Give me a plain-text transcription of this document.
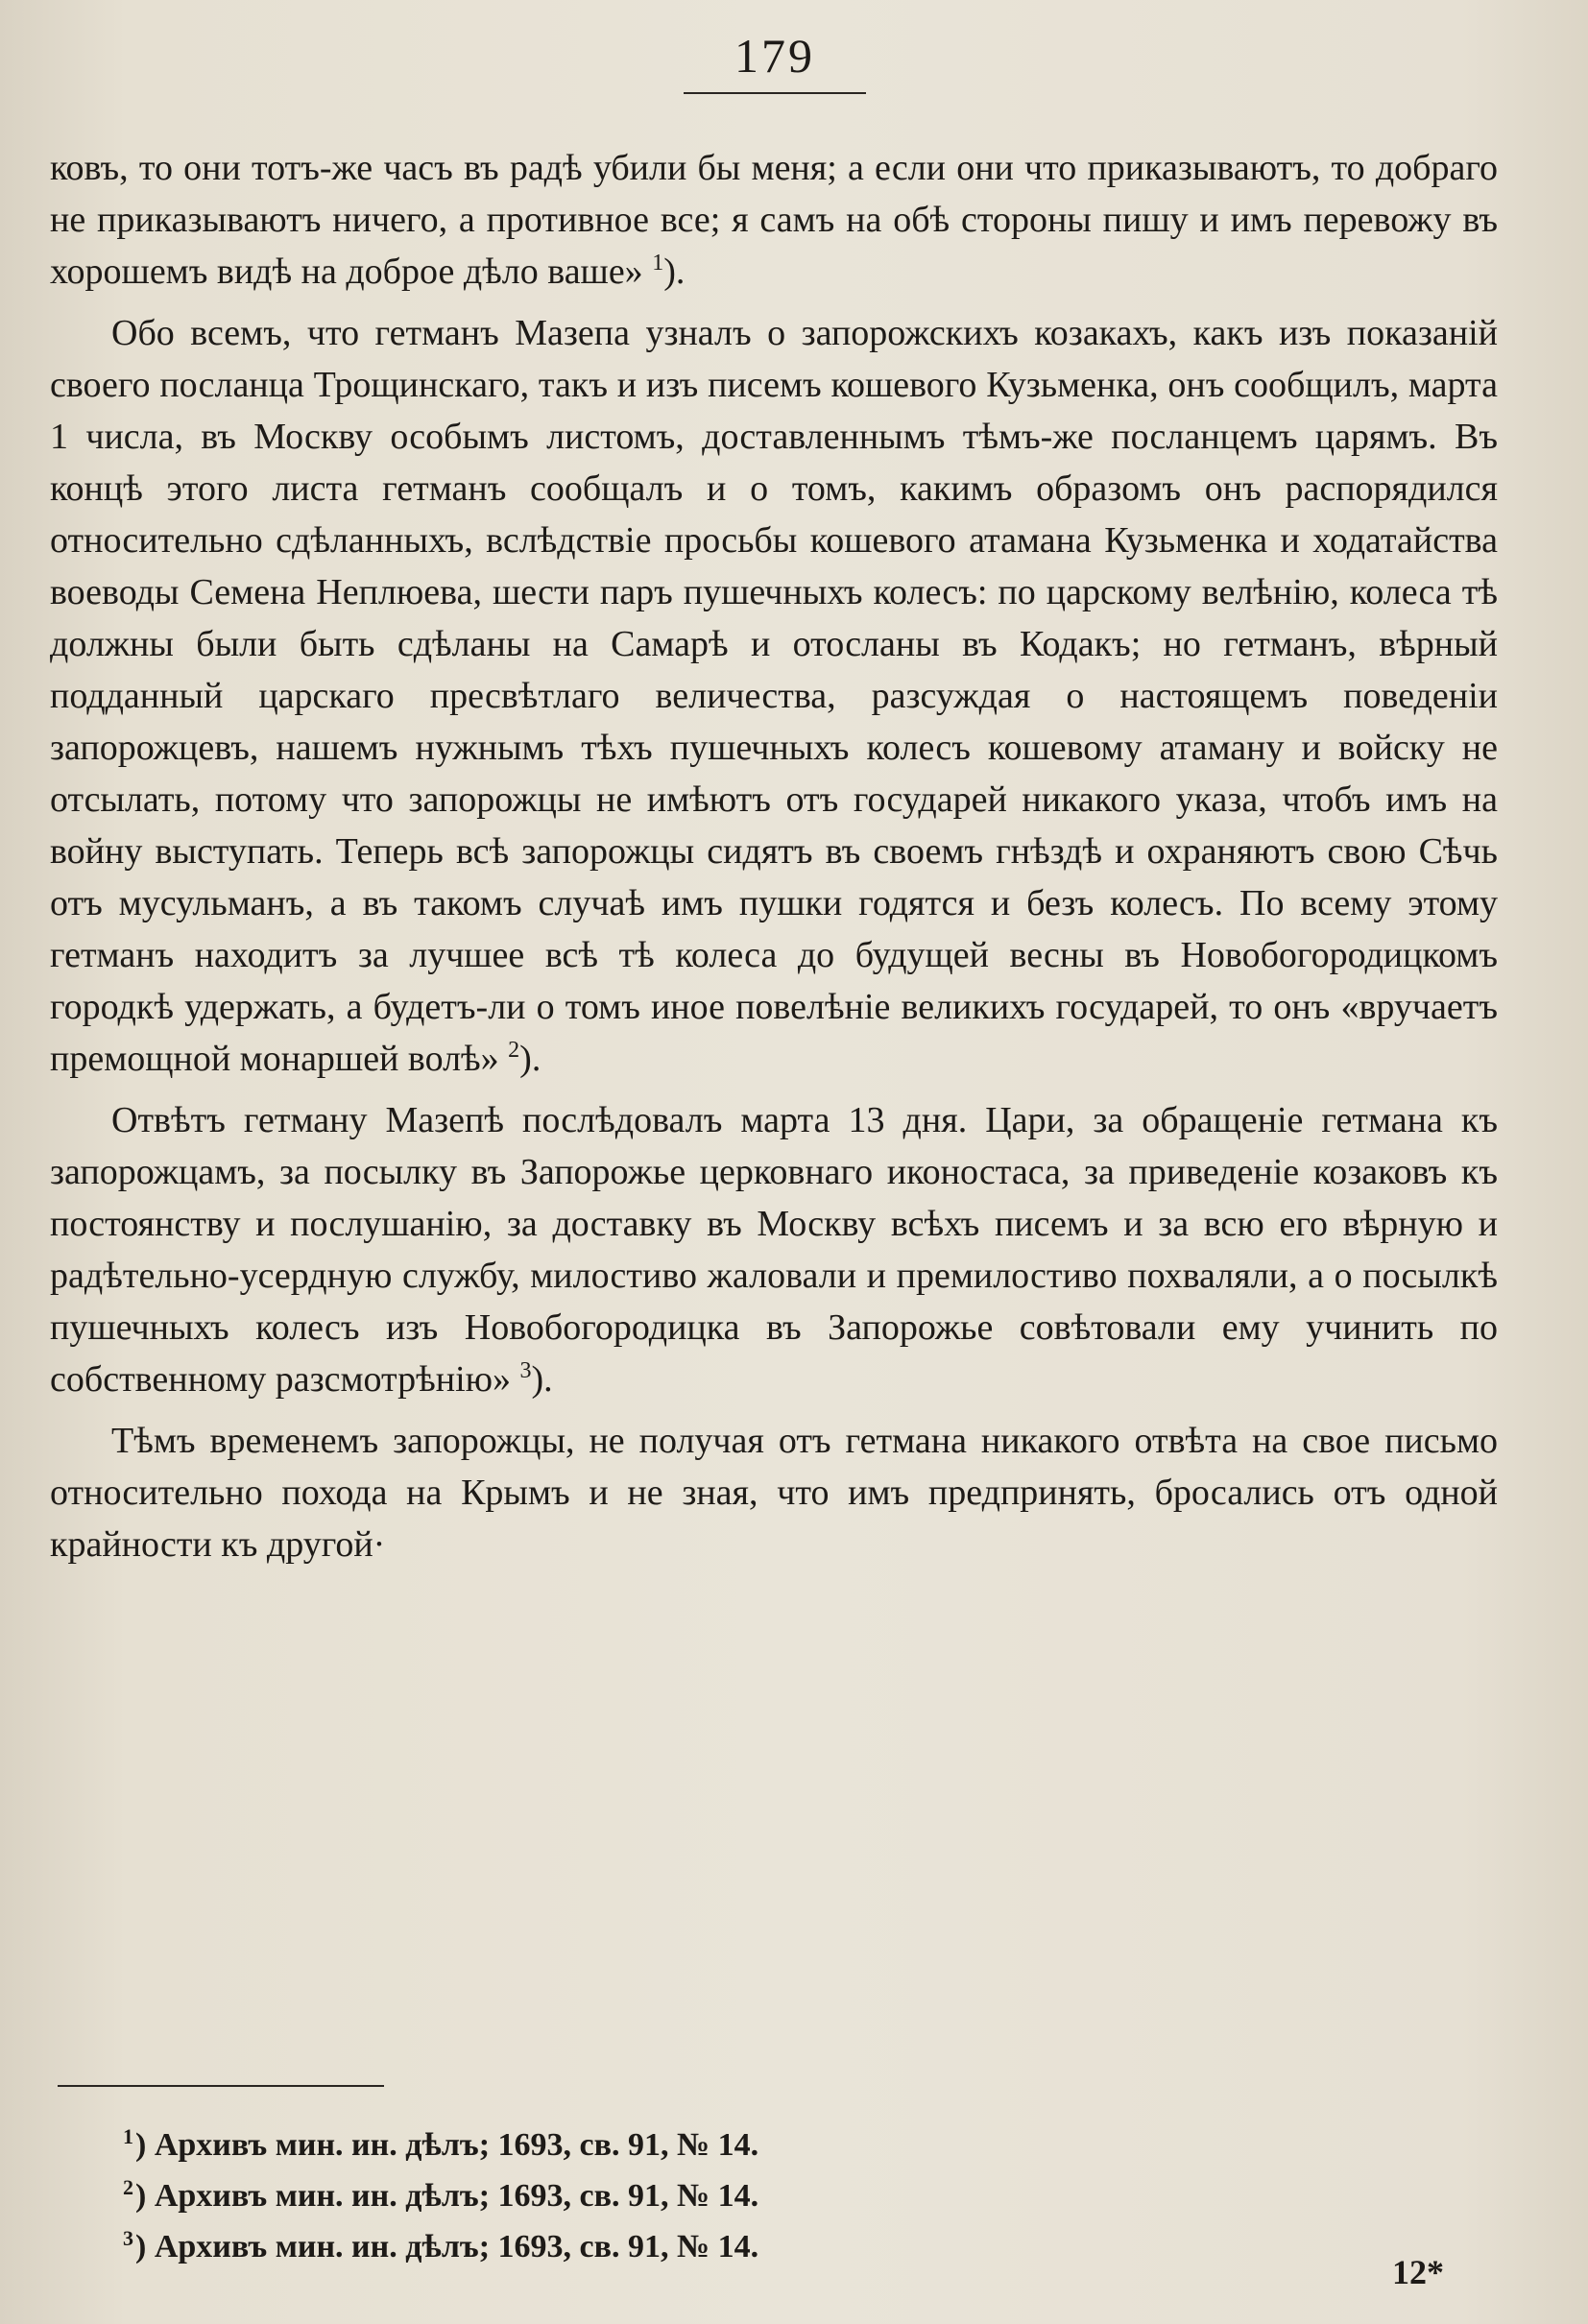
179

ковъ, то они тотъ-же часъ въ радѣ убили бы меня; а если они что приказываютъ, то добраго не приказываютъ ничего, а противное все; я самъ на обѣ стороны пишу и имъ перевожу въ хорошемъ видѣ на доброе дѣло ваше» $^1$).

Обо всемъ, что гетманъ Мазепа узналъ о запорожскихъ козакахъ, какъ изъ показаній своего посланца Трощинскаго, такъ и изъ писемъ кошевого Кузьменка, онъ сообщилъ, марта 1 числа, въ Москву особымъ листомъ, доставленнымъ тѣмъ-же посланцемъ царямъ. Въ концѣ этого листа гетманъ сообщалъ и о томъ, какимъ образомъ онъ распорядился относительно сдѣланныхъ, вслѣдствіе просьбы кошевого атамана Кузьменка и ходатайства воеводы Семена Неплюева, шести паръ пушечныхъ колесъ: по царскому велѣнію, колеса тѣ должны были быть сдѣланы на Самарѣ и отосланы въ Кодакъ; но гетманъ, вѣрный подданный царскаго пресвѣтлаго величества, разсуждая о настоящемъ поведеніи запорожцевъ, нашемъ нужнымъ тѣхъ пушечныхъ колесъ кошевому атаману и войску не отсылать, потому что запорожцы не имѣютъ отъ государей никакого указа, чтобъ имъ на войну выступать. Теперь всѣ запорожцы сидятъ въ своемъ гнѣздѣ и охраняютъ свою Сѣчь отъ мусульманъ, а въ такомъ случаѣ имъ пушки годятся и безъ колесъ. По всему этому гетманъ находитъ за лучшее всѣ тѣ колеса до будущей весны въ Новобогородицкомъ городкѣ удержать, а будетъ-ли о томъ иное повелѣніе великихъ государей, то онъ «вручаетъ премощной монаршей волѣ» $^2$).

Отвѣтъ гетману Мазепѣ послѣдовалъ марта 13 дня. Цари, за обращеніе гетмана къ запорожцамъ, за посылку въ Запорожье церковнаго иконостаса, за приведеніе козаковъ къ постоянству и послушанію, за доставку въ Москву всѣхъ писемъ и за всю его вѣрную и радѣтельно-усердную службу, милостиво жаловали и премилостиво похваляли, а о посылкѣ пушечныхъ колесъ изъ Новобогородицка въ Запорожье совѣтовали ему учинить по собственному разсмотрѣнію» $^3$).

Тѣмъ временемъ запорожцы, не получая отъ гетмана никакого отвѣта на свое письмо относительно похода на Крымъ и не зная, что имъ предпринять, бросались отъ одной крайности къ другой·

$^1$) Архивъ мин. ин. дѣлъ; 1693, св. 91, № 14.
$^2$) Архивъ мин. ин. дѣлъ; 1693, св. 91, № 14.
$^3$) Архивъ мин. ин. дѣлъ; 1693, св. 91, № 14.
12*
